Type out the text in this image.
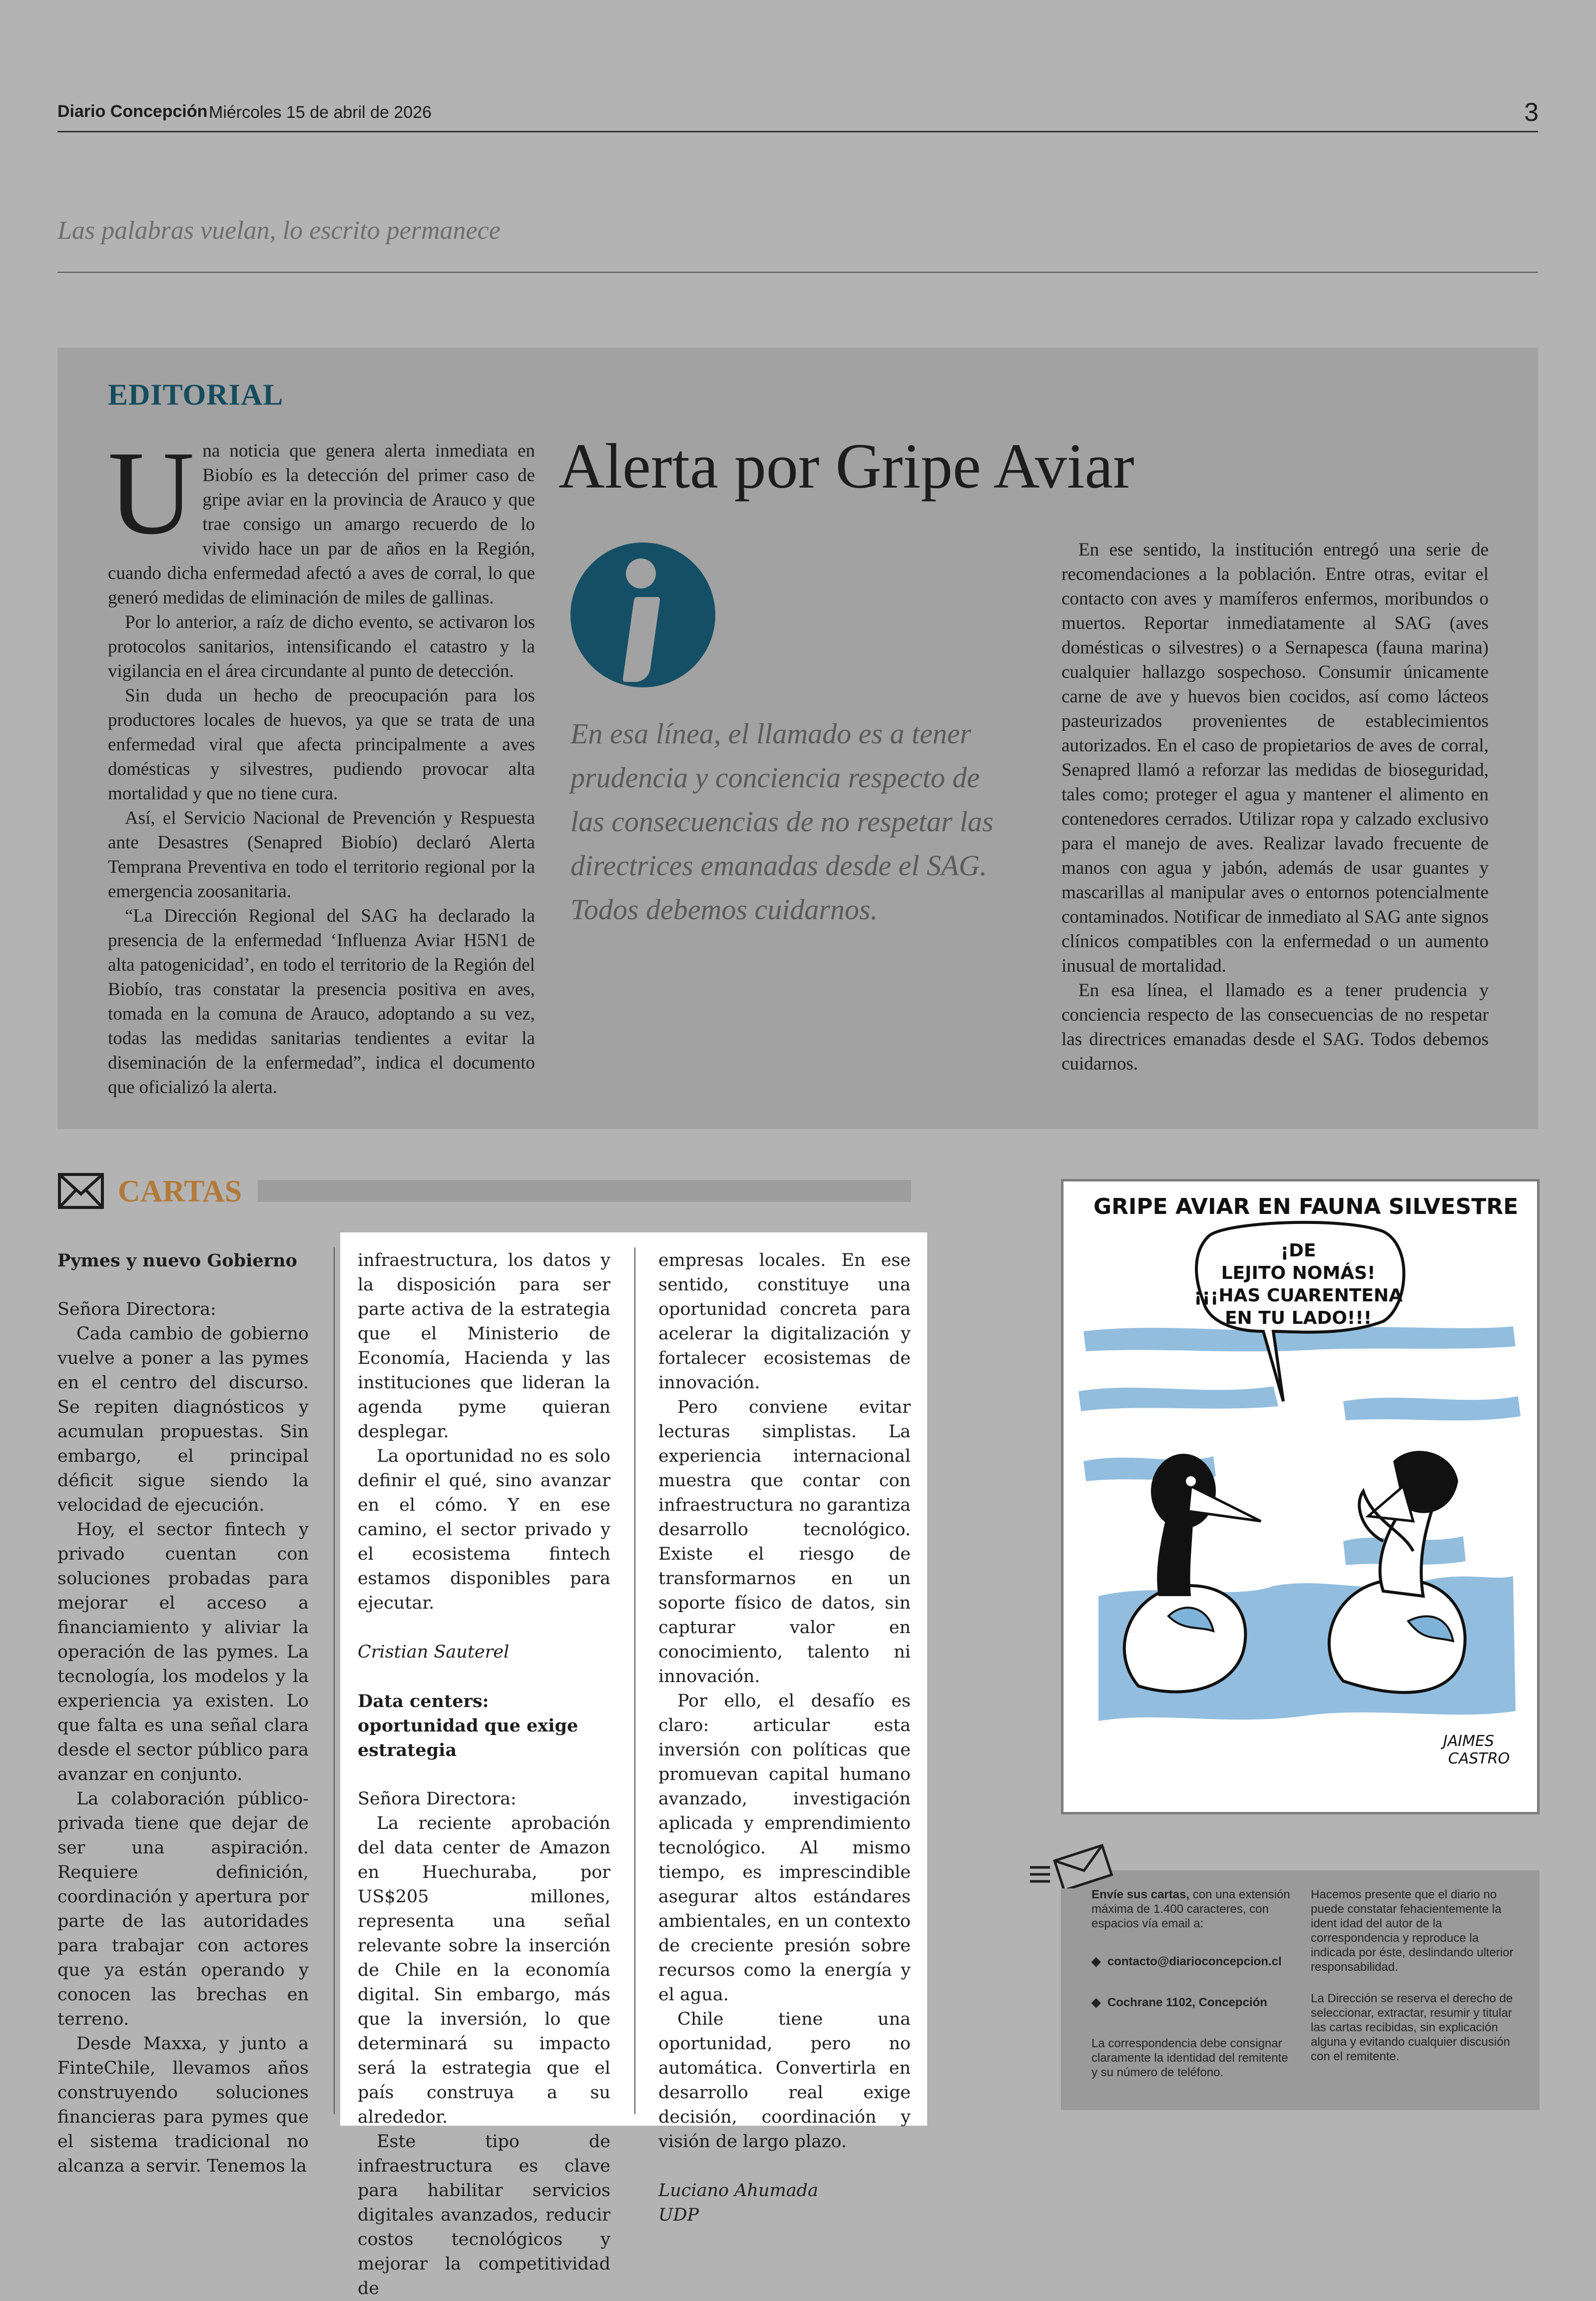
Diario Concepción Miércoles 15 de abril de 2026	3
Las palabras vuelan, lo escrito permanece
EDITORIAL
Alerta por Gripe Aviar

En esa línea, el llamado es a tener prudencia y conciencia respecto de las consecuencias de no respetar las directrices emanadas desde el SAG. Todos debemos cuidarnos.

Una noticia que genera alerta inmediata en Biobío es la detección del primer caso de gripe aviar en la provincia de Arauco y que trae consigo un amargo recuerdo de lo vivido hace un par de años en la Región, cuando dicha enfermedad afectó a aves de corral, lo que generó medidas de eliminación de miles de gallinas.

Por lo anterior, a raíz de dicho evento, se activaron los protocolos sanitarios, intensificando el catastro y la vigilancia en el área circundante al punto de detección.

Sin duda un hecho de preocupación para los productores locales de huevos, ya que se trata de una enfermedad viral que afecta principalmente a aves domésticas y silvestres, pudiendo provocar alta mortalidad y que no tiene cura.

Así, el Servicio Nacional de Prevención y Respuesta ante Desastres (Senapred Biobío) declaró Alerta Temprana Preventiva en todo el territorio regional por la emergencia zoosanitaria.

“La Dirección Regional del SAG ha declarado la presencia de la enfermedad ‘Influenza Aviar H5N1 de alta patogenicidad’, en todo el territorio de la Región del Biobío, tras constatar la presencia positiva en aves, tomada en la comuna de Arauco, adoptando a su vez, todas las medidas sanitarias tendientes a evitar la diseminación de la enfermedad”, indica el documento que oficializó la alerta.

En ese sentido, la institución entregó una serie de recomendaciones a la población. Entre otras, evitar el contacto con aves y mamíferos enfermos, moribundos o muertos. Reportar inmediatamente al SAG (aves domésticas o silvestres) o a Sernapesca (fauna marina) cualquier hallazgo sospechoso. Consumir únicamente carne de ave y huevos bien cocidos, así como lácteos pasteurizados provenientes de establecimientos autorizados. En el caso de propietarios de aves de corral, Senapred llamó a reforzar las medidas de bioseguridad, tales como; proteger el agua y mantener el alimento en contenedores cerrados. Utilizar ropa y calzado exclusivo para el manejo de aves. Realizar lavado frecuente de manos con agua y jabón, además de usar guantes y mascarillas al manipular aves o entornos potencialmente contaminados. Notificar de inmediato al SAG ante signos clínicos compatibles con la enfermedad o un aumento inusual de mortalidad.

En esa línea, el llamado es a tener prudencia y conciencia respecto de las consecuencias de no respetar las directrices emanadas desde el SAG. Todos debemos cuidarnos.

CARTAS

Pymes y nuevo Gobierno

Señora Directora:

Cada cambio de gobierno vuelve a poner a las pymes en el centro del discurso. Se repiten diagnósticos y acumulan propuestas. Sin embargo, el principal déficit sigue siendo la velocidad de ejecución.

Hoy, el sector fintech y privado cuentan con soluciones probadas para mejorar el acceso a financiamiento y aliviar la operación de las pymes. La tecnología, los modelos y la experiencia ya existen. Lo que falta es una señal clara desde el sector público para avanzar en conjunto.

La colaboración público-privada tiene que dejar de ser una aspiración. Requiere definición, coordinación y apertura por parte de las autoridades para trabajar con actores que ya están operando y conocen las brechas en terreno.

Desde Maxxa, y junto a FinteChile, llevamos años construyendo soluciones financieras para pymes que el sistema tradicional no alcanza a servir. Tenemos la

infraestructura, los datos y la disposición para ser parte activa de la estrategia que el Ministerio de Economía, Hacienda y las instituciones que lideran la agenda pyme quieran desplegar.

La oportunidad no es solo definir el qué, sino avanzar en el cómo. Y en ese camino, el sector privado y el ecosistema fintech estamos disponibles para ejecutar.

Cristian Sauterel

Data centers: oportunidad que exige estrategia

Señora Directora:

La reciente aprobación del data center de Amazon en Huechuraba, por US$205 millones, representa una señal relevante sobre la inserción de Chile en la economía digital. Sin embargo, más que la inversión, lo que determinará su impacto será la estrategia que el país construya a su alrededor.

Este tipo de infraestructura es clave para habilitar servicios digitales avanzados, reducir costos tecnológicos y mejorar la competitividad de

empresas locales. En ese sentido, constituye una oportunidad concreta para acelerar la digitalización y fortalecer ecosistemas de innovación.

Pero conviene evitar lecturas simplistas. La experiencia internacional muestra que contar con infraestructura no garantiza desarrollo tecnológico. Existe el riesgo de transformarnos en un soporte físico de datos, sin capturar valor en conocimiento, talento ni innovación.

Por ello, el desafío es claro: articular esta inversión con políticas que promuevan capital humano avanzado, investigación aplicada y emprendimiento tecnológico. Al mismo tiempo, es imprescindible asegurar altos estándares ambientales, en un contexto de creciente presión sobre recursos como la energía y el agua.

Chile tiene una oportunidad, pero no automática. Convertirla en desarrollo real exige decisión, coordinación y visión de largo plazo.

Luciano Ahumada

UDP

GRIPE AVIAR EN FAUNA SILVESTRE
¡DE
LEJITO NOMÁS!
¡¡¡HAS CUARENTENA
EN TU LADO!!!
JAIMES
CASTRO

Envíe sus cartas, con una extensión máxima de 1.400 caracteres, con espacios vía email a:

◆ contacto@diarioconcepcion.cl

◆ Cochrane 1102, Concepción

La correspondencia debe consignar claramente la identidad del remitente y su número de teléfono.
Hacemos presente que el diario no puede constatar fehacientemente la ident idad del autor de la correspondencia y reproduce la indicada por éste, deslindando ulterior responsabilidad.
La Dirección se reserva el derecho de seleccionar, extractar, resumir y titular las cartas recibidas, sin explicación alguna y evitando cualquier discusión con el remitente.
